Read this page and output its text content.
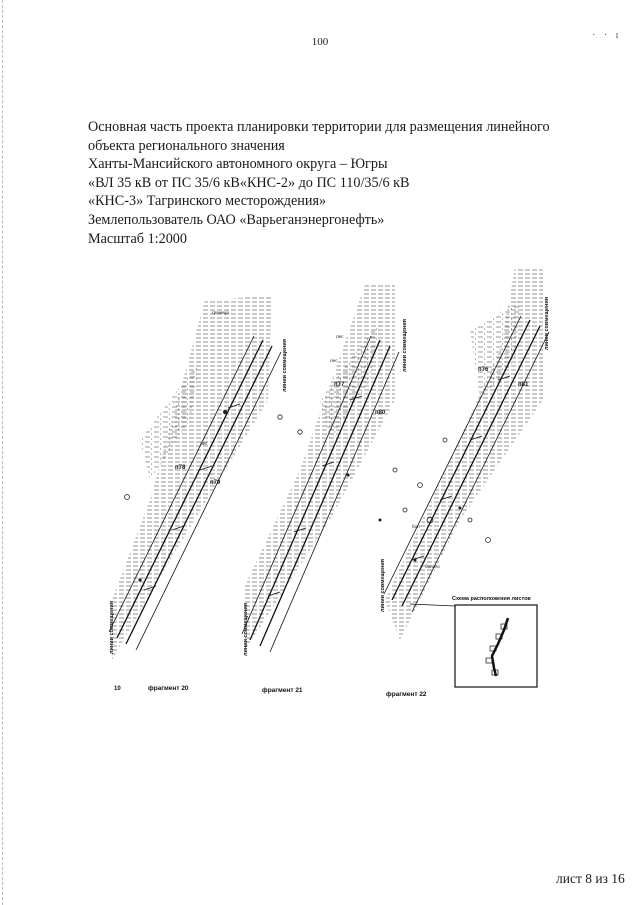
100
· · ı
Основная часть проекта планировки территории для размещения линейного
объекта регионального значения
Ханты-Мансийского автономного округа – Югры
«ВЛ 35 кВ от ПС 35/6 кВ«КНС-2» до ПС 110/35/6 кВ
«КНС-3» Тагринского месторождения»
Землепользователь ОАО «Варьеганэнергонефть»
Масштаб 1:2000
линии совмещения
линии совмещения
п78
п79
граница
лес
10	фрагмент 20
линии совмещения
линии совмещения
п77
п80
лес
лес
фрагмент 21
линии совмещения
линии совмещения
п76
п81
бол
болото
фрагмент 22
Схема расположения листов
лист 8 из 16
